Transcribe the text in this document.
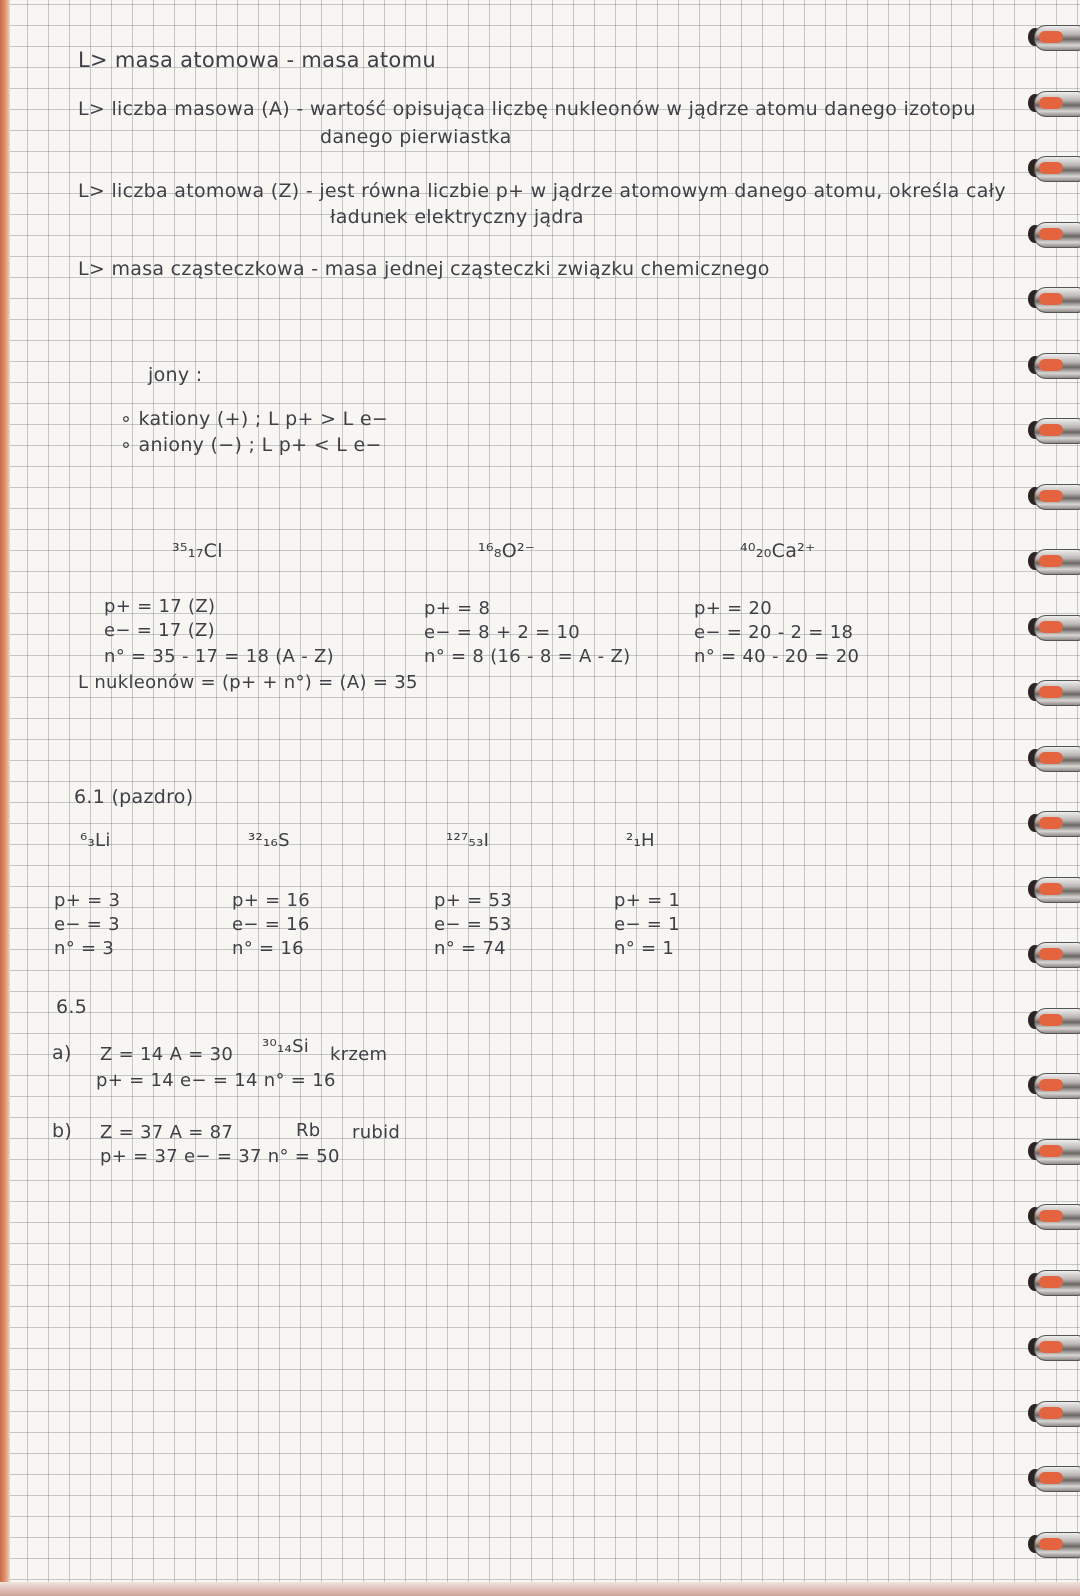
L> masa atomowa - masa atomu
L> liczba masowa (A) - wartość opisująca liczbę nukleonów w jądrze atomu danego izotopu
danego pierwiastka
L> liczba atomowa (Z) - jest równa liczbie p+ w jądrze atomowym danego atomu, określa cały
ładunek elektryczny jądra
L> masa cząsteczkowa - masa jednej cząsteczki związku chemicznego
jony :
∘ kationy (+) ; L p+ > L e−
∘ aniony (−) ; L p+ < L e−
³⁵₁₇Cl
p+ = 17 (Z)
e− = 17 (Z)
n° = 35 - 17 = 18 (A - Z)
L nukleonów = (p+ + n°) = (A) = 35
¹⁶₈O²⁻
p+ = 8
e− = 8 + 2 = 10
n° = 8 (16 - 8 = A - Z)
⁴⁰₂₀Ca²⁺
p+ = 20
e− = 20 - 2 = 18
n° = 40 - 20 = 20
6.1 (pazdro)
⁶₃Li
p+ = 3
e− = 3
n° = 3
³²₁₆S
p+ = 16
e− = 16
n° = 16
¹²⁷₅₃I
p+ = 53
e− = 53
n° = 74
²₁H
p+ = 1
e− = 1
n° = 1
6.5
a) Z = 14 A = 30 ³⁰₁₄Si krzem
p+ = 14 e− = 14 n° = 16
b) Z = 37 A = 87	Rb rubid
p+ = 37 e− = 37 n° = 50
